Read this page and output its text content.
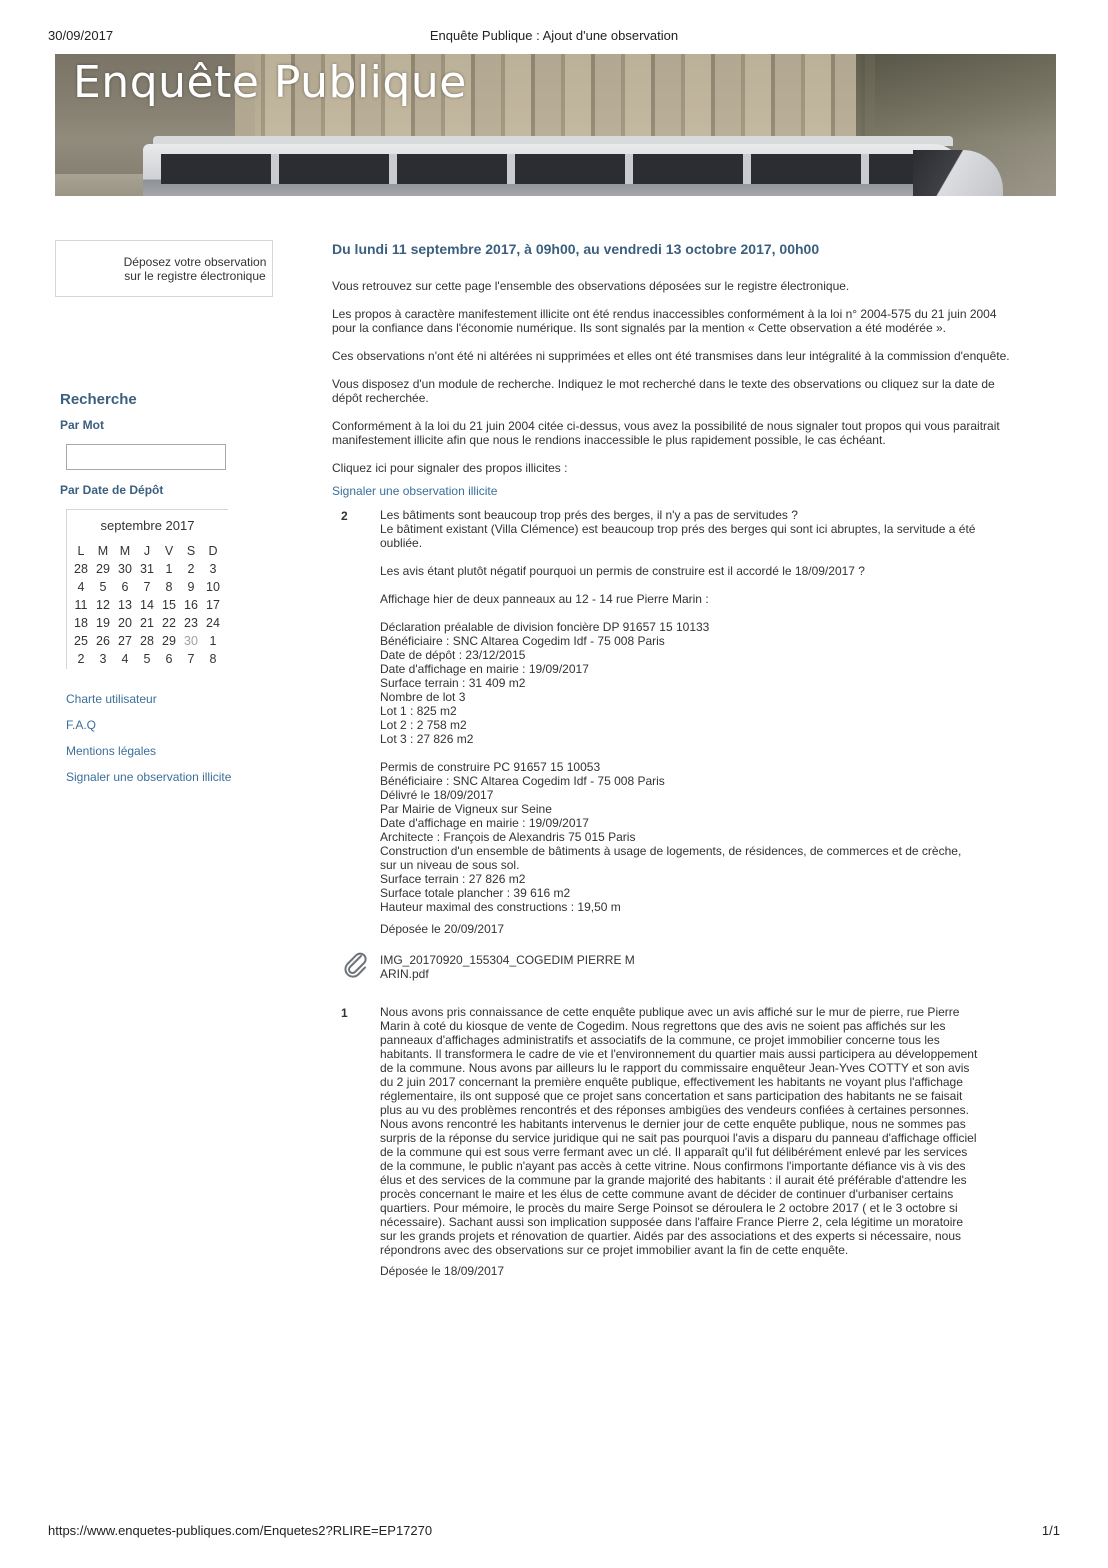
30/09/2017	Enquête Publique : Ajout d'une observation
Enquête Publique
Déposez votre observation
sur le registre électronique
Recherche
Par Mot
Par Date de Dépôt
septembre 2017
L	M M	J	V	S	D
28 29 30 31 1	2	3
4	5	6	7	8	9 10
11 12 13 14 15 16 17
18 19 20 21 22 23 24
25 26 27 28 29 30 1
2	3	4	5	6	7	8
Charte utilisateur
F.A.Q
Mentions légales
Signaler une observation illicite
Du lundi 11 septembre 2017, à 09h00, au vendredi 13 octobre 2017, 00h00
Vous retrouvez sur cette page l'ensemble des observations déposées sur le registre électronique.
Les propos à caractère manifestement illicite ont été rendus inaccessibles conformément à la loi n° 2004-575 du 21 juin 2004 pour la confiance dans l'économie numérique. Ils sont signalés par la mention « Cette observation a été modérée ».
Ces observations n'ont été ni altérées ni supprimées et elles ont été transmises dans leur intégralité à la commission d'enquête.
Vous disposez d'un module de recherche. Indiquez le mot recherché dans le texte des observations ou cliquez sur la date de dépôt recherchée.
Conformément à la loi du 21 juin 2004 citée ci-dessus, vous avez la possibilité de nous signaler tout propos qui vous paraitrait manifestement illicite afin que nous le rendions inaccessible le plus rapidement possible, le cas échéant.
Cliquez ici pour signaler des propos illicites :
Signaler une observation illicite
2	Les bâtiments sont beaucoup trop prés des berges, il n'y a pas de servitudes ?
Le bâtiment existant (Villa Clémence) est beaucoup trop prés des berges qui sont ici abruptes, la servitude a été oubliée.

Les avis étant plutôt négatif pourquoi un permis de construire est il accordé le 18/09/2017 ?

Affichage hier de deux panneaux au 12 - 14 rue Pierre Marin :

Déclaration préalable de division foncière DP 91657 15 10133
Bénéficiaire : SNC Altarea Cogedim Idf - 75 008 Paris
Date de dépôt : 23/12/2015
Date d'affichage en mairie : 19/09/2017
Surface terrain : 31 409 m2
Nombre de lot 3
Lot 1 : 825 m2
Lot 2 : 2 758 m2
Lot 3 : 27 826 m2

Permis de construire PC 91657 15 10053
Bénéficiaire : SNC Altarea Cogedim Idf - 75 008 Paris
Délivré le 18/09/2017
Par Mairie de Vigneux sur Seine
Date d'affichage en mairie : 19/09/2017
Architecte : François de Alexandris 75 015 Paris
Construction d'un ensemble de bâtiments à usage de logements, de résidences, de commerces et de crèche,
sur un niveau de sous sol.
Surface terrain : 27 826 m2
Surface totale plancher : 39 616 m2
Hauteur maximal des constructions : 19,50 m
Déposée le 20/09/2017
IMG_20170920_155304_COGEDIM PIERRE MARIN.pdf
1	Nous avons pris connaissance de cette enquête publique avec un avis affiché sur le mur de pierre, rue Pierre Marin à coté du kiosque de vente de Cogedim. Nous regrettons que des avis ne soient pas affichés sur les panneaux d'affichages administratifs et associatifs de la commune, ce projet immobilier concerne tous les habitants. Il transformera le cadre de vie et l'environnement du quartier mais aussi participera au développement de la commune. Nous avons par ailleurs lu le rapport du commissaire enquêteur Jean-Yves COTTY et son avis du 2 juin 2017 concernant la première enquête publique, effectivement les habitants ne voyant plus l'affichage réglementaire, ils ont supposé que ce projet sans concertation et sans participation des habitants ne se faisait plus au vu des problèmes rencontrés et des réponses ambigües des vendeurs confiées à certaines personnes. Nous avons rencontré les habitants intervenus le dernier jour de cette enquête publique, nous ne sommes pas surpris de la réponse du service juridique qui ne sait pas pourquoi l'avis a disparu du panneau d'affichage officiel de la commune qui est sous verre fermant avec un clé. Il apparaît qu'il fut délibérément enlevé par les services de la commune, le public n'ayant pas accès à cette vitrine. Nous confirmons l'importante défiance vis à vis des élus et des services de la commune par la grande majorité des habitants : il aurait été préférable d'attendre les procès concernant le maire et les élus de cette commune avant de décider de continuer d'urbaniser certains quartiers. Pour mémoire, le procès du maire Serge Poinsot se déroulera le 2 octobre 2017 ( et le 3 octobre si nécessaire). Sachant aussi son implication supposée dans l'affaire France Pierre 2, cela légitime un moratoire sur les grands projets et rénovation de quartier. Aidés par des associations et des experts si nécessaire, nous répondrons avec des observations sur ce projet immobilier avant la fin de cette enquête.
Déposée le 18/09/2017
https://www.enquetes-publiques.com/Enquetes2?RLIRE=EP17270	1/1
